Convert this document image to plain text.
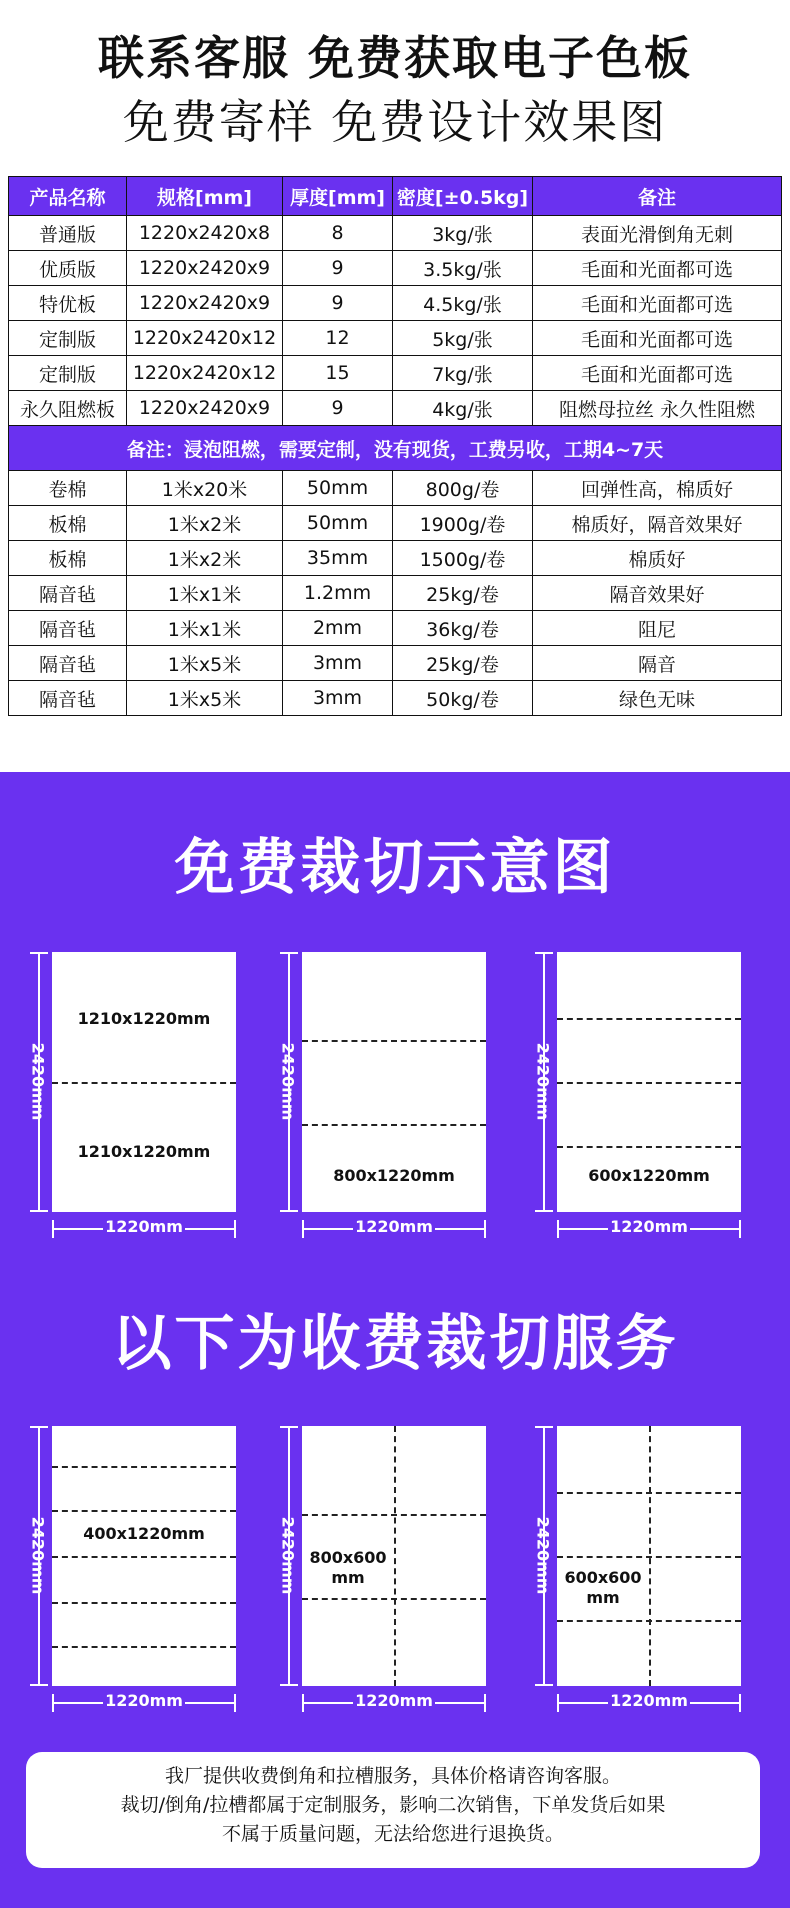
联系客服 免费获取电子色板
免费寄样 免费设计效果图
产品名称	规格[mm]	厚度[mm]	密度[±0.5kg]	备注
普通版	1220x2420x8	8	3kg/张	表面光滑倒角无刺
优质版	1220x2420x9	9	3.5kg/张	毛面和光面都可选
特优板	1220x2420x9	9	4.5kg/张	毛面和光面都可选
定制版	1220x2420x12	12	5kg/张	毛面和光面都可选
定制版	1220x2420x12	15	7kg/张	毛面和光面都可选
永久阻燃板	1220x2420x9	9	4kg/张	阻燃母拉丝 永久性阻燃
备注：浸泡阻燃，需要定制，没有现货，工费另收，工期4~7天				
卷棉	1米x20米	50mm	800g/卷	回弹性高，棉质好
板棉	1米x2米	50mm	1900g/卷	棉质好，隔音效果好
板棉	1米x2米	35mm	1500g/卷	棉质好
隔音毡	1米x1米	1.2mm	25kg/卷	隔音效果好
隔音毡	1米x1米	2mm	36kg/卷	阻尼
隔音毡	1米x5米	3mm	25kg/卷	隔音
隔音毡	1米x5米	3mm	50kg/卷	绿色无味
免费裁切示意图
2420mm
1210x1220mm
1210x1220mm
1220mm
2420mm
800x1220mm
1220mm
2420mm
600x1220mm
1220mm
以下为收费裁切服务
2420mm	400x1220mm
1220mm
2420mm 800x600
mm
1220mm
2420mm 600x600
mm
1220mm
我厂提供收费倒角和拉槽服务，具体价格请咨询客服。
裁切/倒角/拉槽都属于定制服务，影响二次销售，下单发货后如果
不属于质量问题，无法给您进行退换货。
